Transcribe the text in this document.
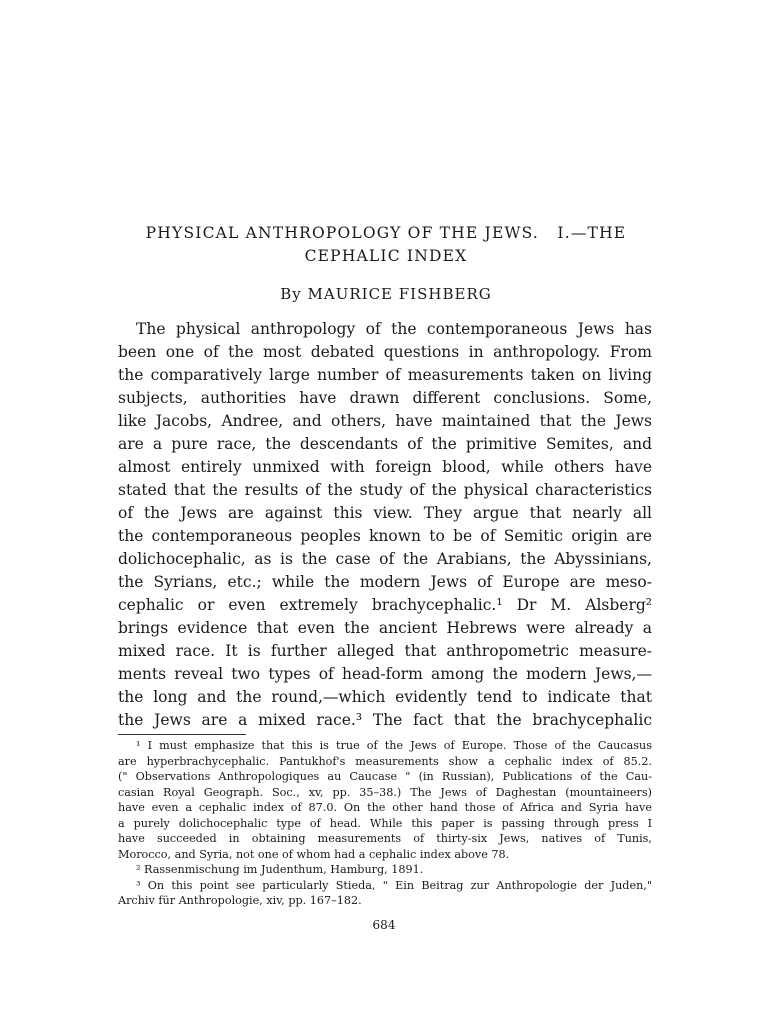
PHYSICAL ANTHROPOLOGY OF THE JEWS.   I.—THE
CEPHALIC INDEX
By MAURICE FISHBERG
The physical anthropology of the contemporaneous Jews has
been one of the most debated questions in anthropology. From
the comparatively large number of measurements taken on living
subjects, authorities have drawn different conclusions. Some,
like Jacobs, Andree, and others, have maintained that the Jews
are a pure race, the descendants of the primitive Semites, and
almost entirely unmixed with foreign blood, while others have
stated that the results of the study of the physical characteristics
of the Jews are against this view. They argue that nearly all
the contemporaneous peoples known to be of Semitic origin are
dolichocephalic, as is the case of the Arabians, the Abyssinians,
the Syrians, etc.; while the modern Jews of Europe are meso-
cephalic or even extremely brachycephalic.¹ Dr M. Alsberg²
brings evidence that even the ancient Hebrews were already a
mixed race. It is further alleged that anthropometric measure-
ments reveal two types of head-form among the modern Jews,—
the long and the round,—which evidently tend to indicate that
the Jews are a mixed race.³ The fact that the brachycephalic
¹ I must emphasize that this is true of the Jews of Europe. Those of the Caucasus
are hyperbrachycephalic. Pantukhof's measurements show a cephalic index of 85.2.
(" Observations Anthropologiques au Caucase " (in Russian), Publications of the Cau-
casian Royal Geograph. Soc., xv, pp. 35–38.) The Jews of Daghestan (mountaineers)
have even a cephalic index of 87.0. On the other hand those of Africa and Syria have
a purely dolichocephalic type of head. While this paper is passing through press I
have succeeded in obtaining measurements of thirty-six Jews, natives of Tunis,
Morocco, and Syria, not one of whom had a cephalic index above 78.
² Rassenmischung im Judenthum, Hamburg, 1891.
³ On this point see particularly Stieda, " Ein Beitrag zur Anthropologie der Juden,"
Archiv für Anthropologie, xiv, pp. 167–182.
684
